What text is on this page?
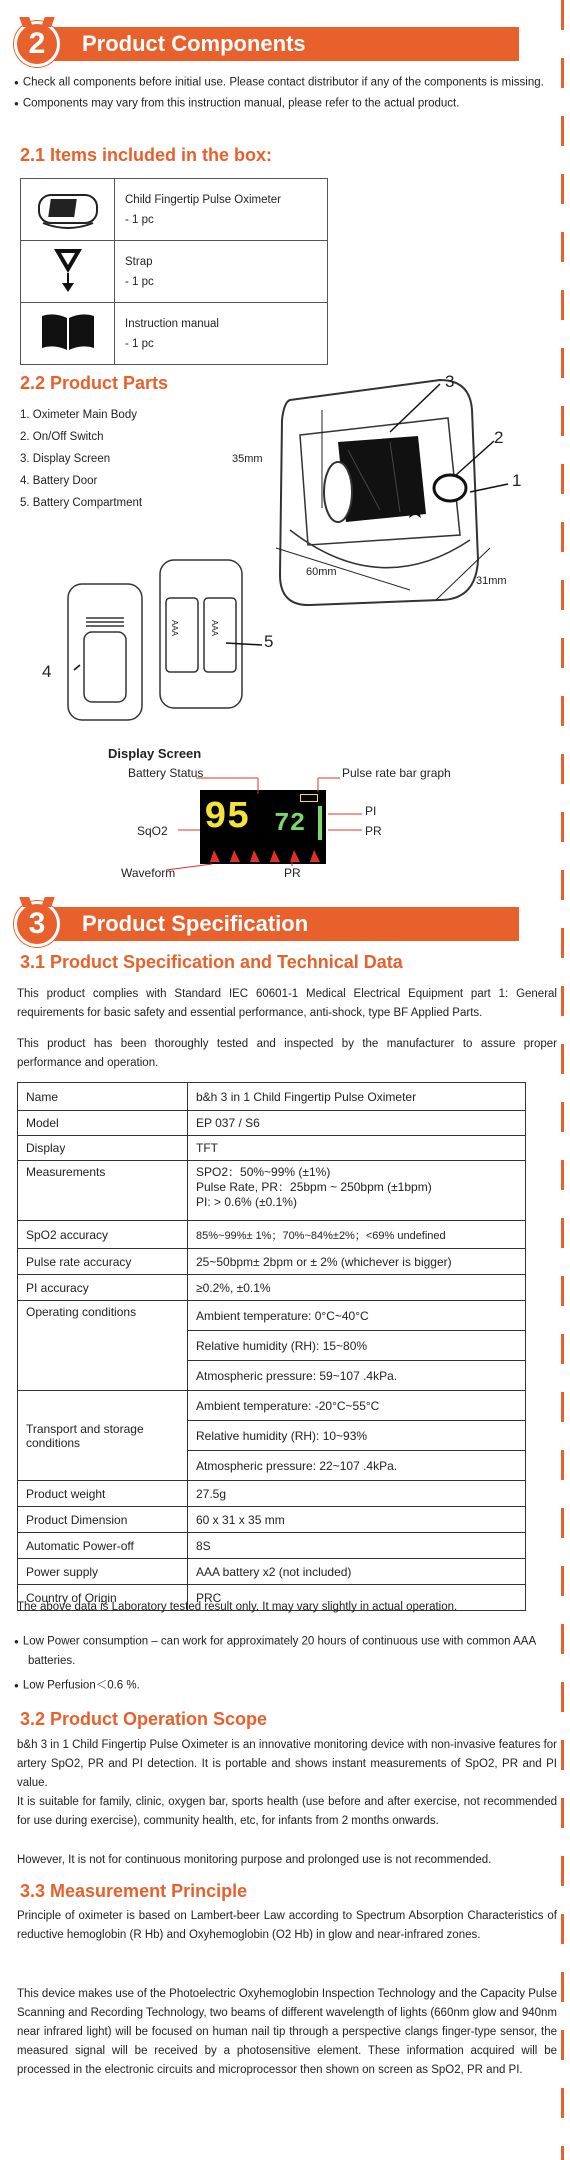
2	Product Components
● Check all components before initial use. Please contact distributor if any of the components is missing.
● Components may vary from this instruction manual, please refer to the actual product.
2.1 Items included in the box:

Child Fingertip Pulse Oximeter
- 1 pc

Strap
- 1 pc

Instruction manual
- 1 pc
2.2 Product Parts
1. Oximeter Main Body
2. On/Off Switch
3. Display Screen
4. Battery Door
5. Battery Compartment
3
2
1
4
5
35mm
60mm
31mm
AAA	AAA
Display Screen
Battery Status	Pulse rate bar graph
PI
PR
SqO2
Waveform	PR
95 72
3	Product Specification
3.1 Product Specification and Technical Data
This product complies with Standard IEC 60601-1 Medical Electrical Equipment part 1: General requirements for basic safety and essential performance, anti-shock, type BF Applied Parts.
This product has been thoroughly tested and inspected by the manufacturer to assure proper performance and operation.
Name	b&h 3 in 1 Child Fingertip Pulse Oximeter
Model	EP 037 / S6
Display	TFT
Measurements	SPO2：50%~99% (±1%)
Pulse Rate, PR：25bpm ~ 250bpm (±1bpm)
PI: > 0.6% (±0.1%)

SpO2 accuracy	85%~99%± 1%；70%~84%±2%；<69% undefined
Pulse rate accuracy	25~50bpm± 2bpm or ± 2% (whichever is bigger)
PI accuracy	≥0.2%, ±0.1%
Operating conditions	Ambient temperature: 0°C~40°C
	Relative humidity (RH): 15~80%
	Atmospheric pressure: 59~107 .4kPa.
Transport and storage conditions	Ambient temperature: -20°C~55°C
	Relative humidity (RH): 10~93%
	Atmospheric pressure: 22~107 .4kPa.
Product weight	27.5g
Product Dimension	60 x 31 x 35 mm
Automatic Power-off	8S
Power supply	AAA battery x2 (not included)
Country of Origin	PRC
The above data is Laboratory tested result only. It may vary slightly in actual operation.
● Low Power consumption – can work for approximately 20 hours of continuous use with common AAA batteries.
● Low Perfusion＜0.6 %.
3.2 Product Operation Scope
b&h 3 in 1 Child Fingertip Pulse Oximeter is an innovative monitoring device with non-invasive features for artery SpO2, PR and PI detection. It is portable and shows instant measurements of SpO2, PR and PI value.
It is suitable for family, clinic, oxygen bar, sports health (use before and after exercise, not recommended for use during exercise), community health, etc, for infants from 2 months onwards.
However, It is not for continuous monitoring purpose and prolonged use is not recommended.
3.3 Measurement Principle
Principle of oximeter is based on Lambert-beer Law according to Spectrum Absorption Characteristics of reductive hemoglobin (R Hb) and Oxyhemoglobin (O2 Hb) in glow and near-infrared zones.
This device makes use of the Photoelectric Oxyhemoglobin Inspection Technology and the Capacity Pulse Scanning and Recording Technology, two beams of different wavelength of lights (660nm glow and 940nm near infrared light) will be focused on human nail tip through a perspective clangs finger-type sensor, the measured signal will be received by a photosensitive element. These information acquired will be processed in the electronic circuits and microprocessor then shown on screen as SpO2, PR and PI.
